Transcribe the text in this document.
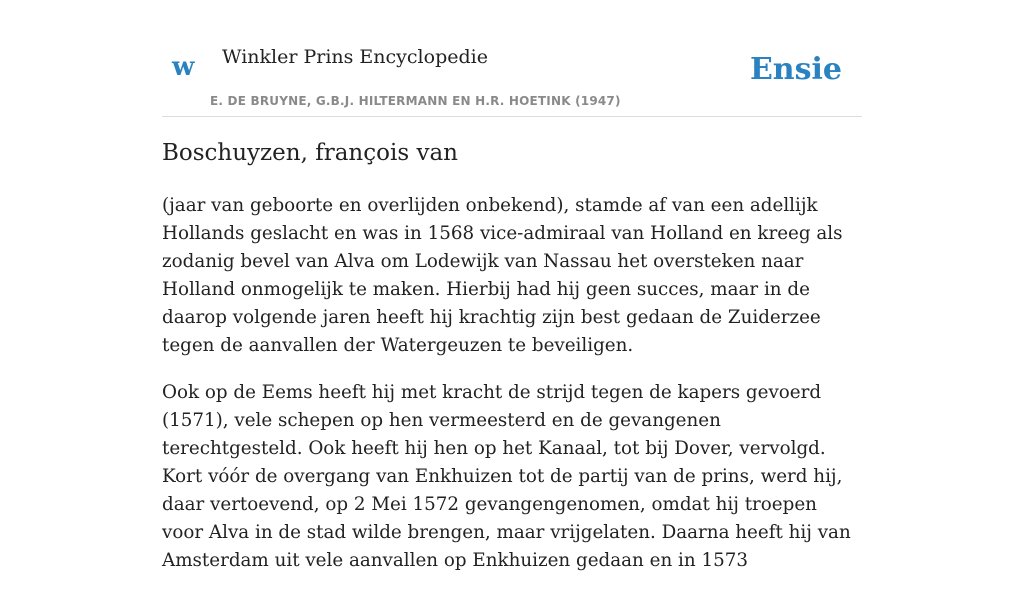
w Winkler Prins Encyclopedie
E. DE BRUYNE, G.B.J. HILTERMANN EN H.R. HOETINK (1947)
Ensie
Boschuyzen, françois van

(jaar van geboorte en overlijden onbekend), stamde af van een adellijk Hollands geslacht en was in 1568 vice-admiraal van Holland en kreeg als zodanig bevel van Alva om Lodewijk van Nassau het oversteken naar Holland onmogelijk te maken. Hierbij had hij geen succes, maar in de daarop volgende jaren heeft hij krachtig zijn best gedaan de Zuiderzee tegen de aanvallen der Watergeuzen te beveiligen.

Ook op de Eems heeft hij met kracht de strijd tegen de kapers gevoerd (1571), vele schepen op hen vermeesterd en de gevangenen terechtgesteld. Ook heeft hij hen op het Kanaal, tot bij Dover, vervolgd. Kort vóór de overgang van Enkhuizen tot de partij van de prins, werd hij, daar vertoevend, op 2 Mei 1572 gevangengenomen, omdat hij troepen voor Alva in de stad wilde brengen, maar vrijgelaten. Daarna heeft hij van Amsterdam uit vele aanvallen op Enkhuizen gedaan en in 1573
